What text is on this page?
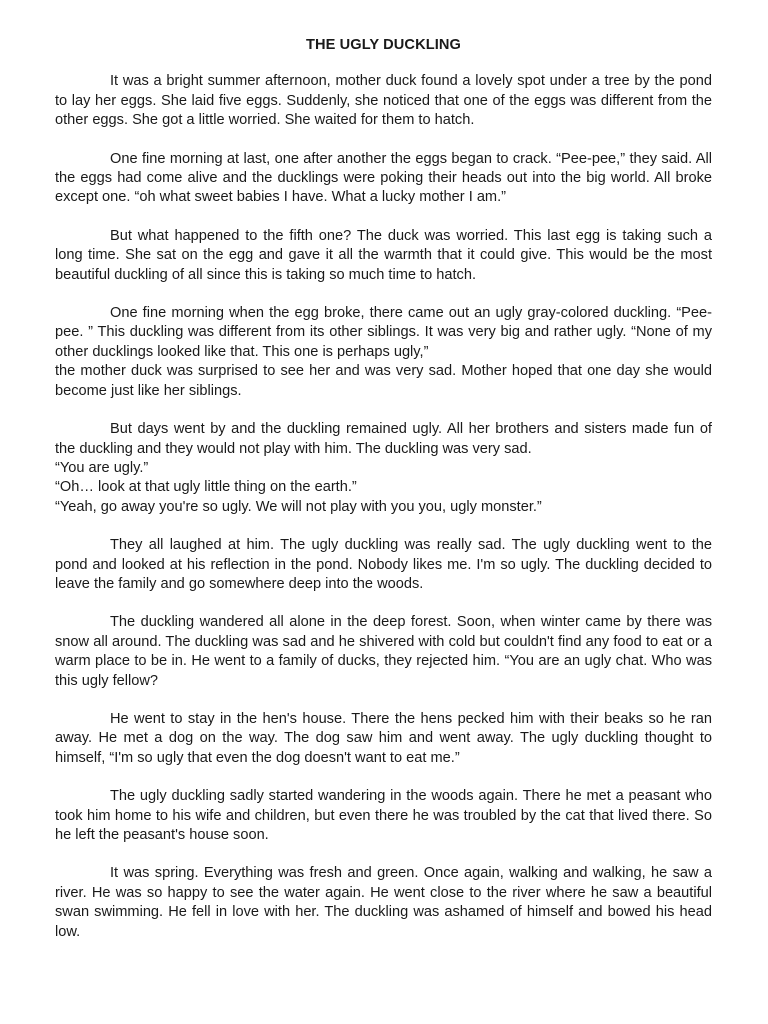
THE UGLY DUCKLING
It was a bright summer afternoon, mother duck found a lovely spot under a tree by the pond to lay her eggs. She laid five eggs. Suddenly, she noticed that one of the eggs was different from the other eggs. She got a little worried. She waited for them to hatch.
One fine morning at last, one after another the eggs began to crack. “Pee-pee,” they said. All the eggs had come alive and the ducklings were poking their heads out into the big world. All broke except one. “oh what sweet babies I have. What a lucky mother I am.”
But what happened to the fifth one? The duck was worried. This last egg is taking such a long time. She sat on the egg and gave it all the warmth that it could give. This would be the most beautiful duckling of all since this is taking so much time to hatch.
One fine morning when the egg broke, there came out an ugly gray-colored duckling. “Pee-pee. ” This duckling was different from its other siblings. It was very big and rather ugly. “None of my other ducklings looked like that. This one is perhaps ugly,”
the mother duck was surprised to see her and was very sad. Mother hoped that one day she would become just like her siblings.
But days went by and the duckling remained ugly. All her brothers and sisters made fun of the duckling and they would not play with him. The duckling was very sad.
“You are ugly.”
“Oh… look at that ugly little thing on the earth.”
“Yeah, go away you're so ugly. We will not play with you you, ugly monster.”
They all laughed at him. The ugly duckling was really sad. The ugly duckling went to the pond and looked at his reflection in the pond. Nobody likes me. I'm so ugly. The duckling decided to leave the family and go somewhere deep into the woods.
The duckling wandered all alone in the deep forest. Soon, when winter came by there was snow all around. The duckling was sad and he shivered with cold but couldn't find any food to eat or a warm place to be in. He went to a family of ducks, they rejected him. “You are an ugly chat. Who was this ugly fellow?
He went to stay in the hen's house. There the hens pecked him with their beaks so he ran away. He met a dog on the way. The dog saw him and went away. The ugly duckling thought to himself, “I'm so ugly that even the dog doesn't want to eat me.”
The ugly duckling sadly started wandering in the woods again. There he met a peasant who took him home to his wife and children, but even there he was troubled by the cat that lived there. So he left the peasant's house soon.
It was spring. Everything was fresh and green. Once again, walking and walking, he saw a river. He was so happy to see the water again. He went close to the river where he saw a beautiful swan swimming. He fell in love with her. The duckling was ashamed of himself and bowed his head low.
